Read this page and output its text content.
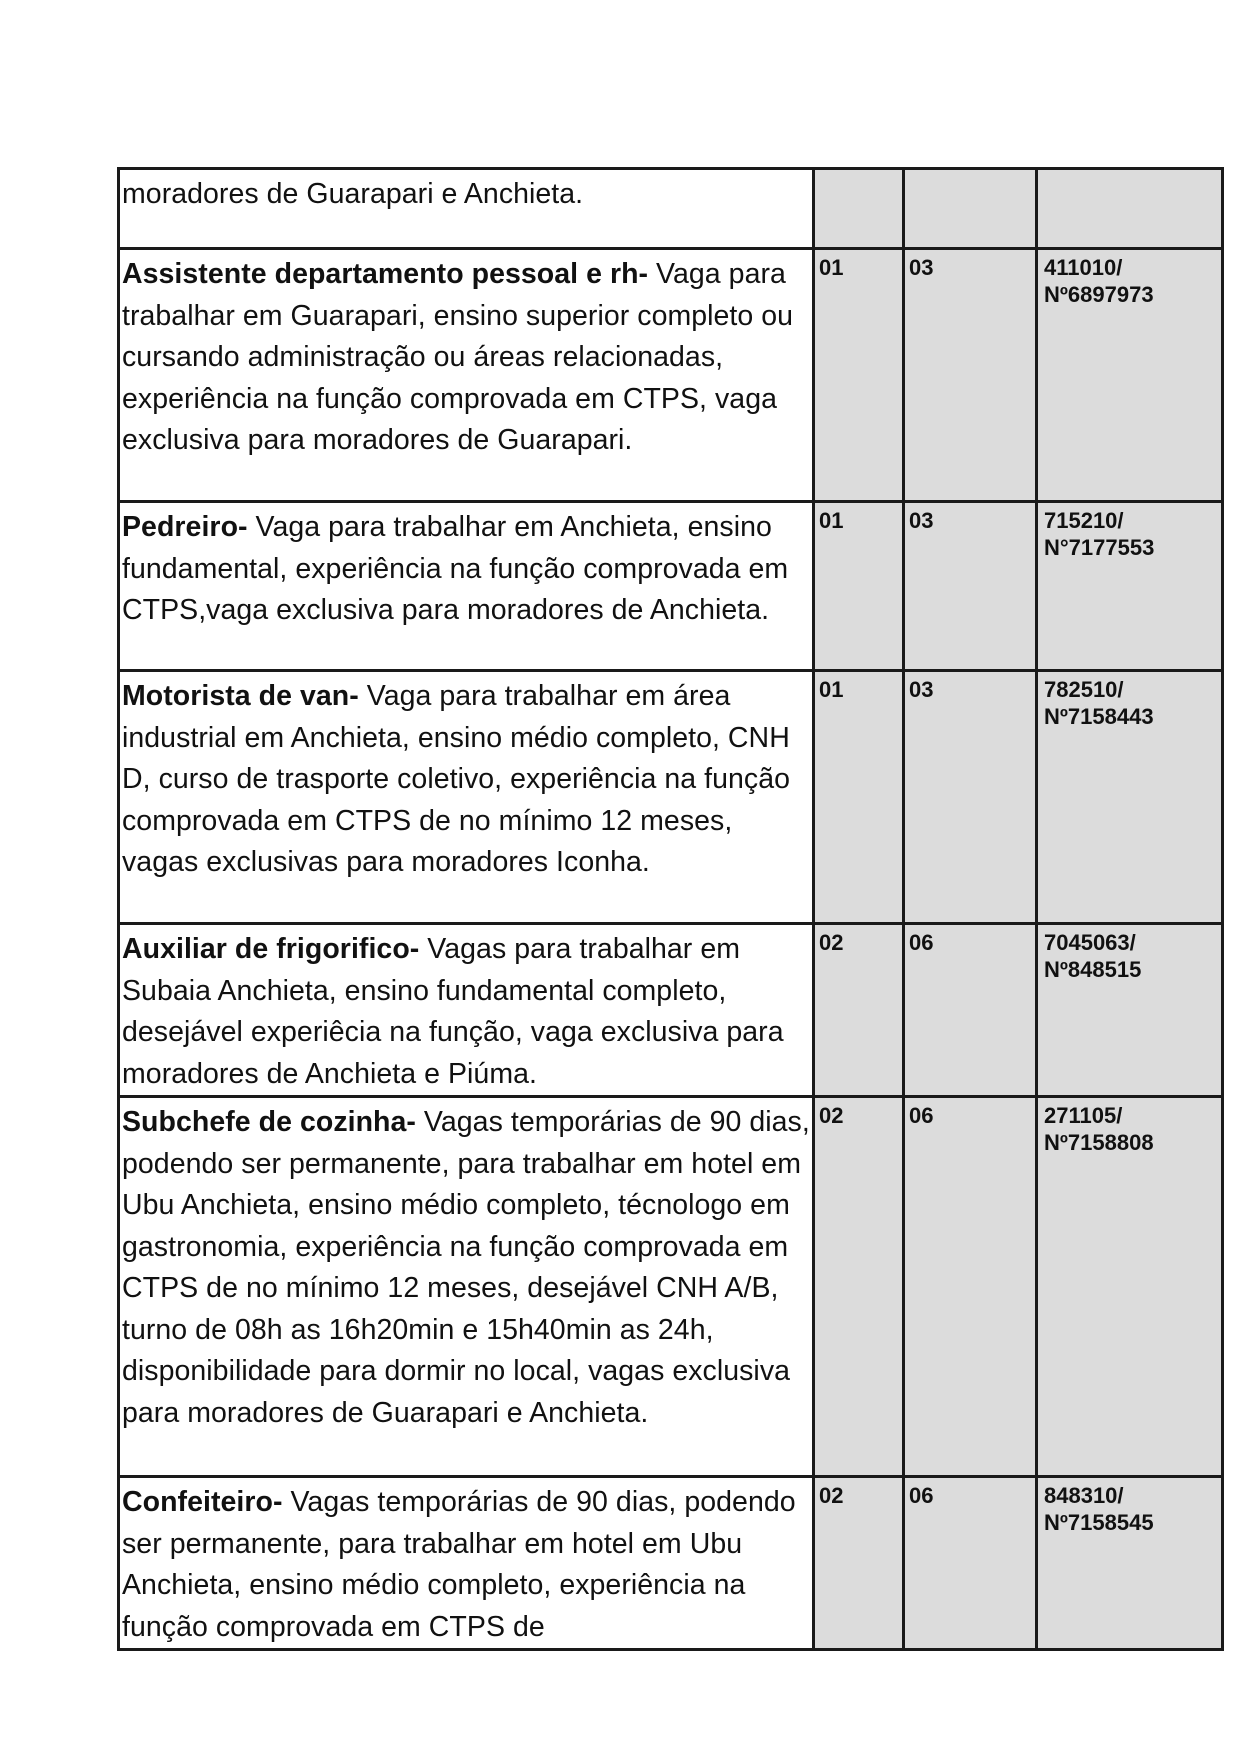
moradores de Guarapari e Anchieta.			

Assistente departamento pessoal e rh- Vaga para trabalhar em Guarapari, ensino superior completo ou cursando administração ou áreas relacionadas, experiência na função comprovada em CTPS, vaga exclusiva para moradores de Guarapari.	01	03	411010/
Nº6897973

Pedreiro- Vaga para trabalhar em Anchieta, ensino fundamental, experiência na função comprovada em CTPS,vaga exclusiva para moradores de Anchieta.	01	03	715210/
N°7177553

Motorista de van- Vaga para trabalhar em área industrial em Anchieta, ensino médio completo, CNH D, curso de trasporte coletivo, experiência na função comprovada em CTPS de no mínimo 12 meses, vagas exclusivas para moradores Iconha.	01	03	782510/
Nº7158443

Auxiliar de frigorifico- Vagas para trabalhar em Subaia Anchieta, ensino fundamental completo, desejável experiêcia na função, vaga exclusiva para moradores de Anchieta e Piúma.	02	06	7045063/
Nº848515

Subchefe de cozinha- Vagas temporárias de 90 dias, podendo ser permanente, para trabalhar em hotel em Ubu Anchieta, ensino médio completo, técnologo em gastronomia, experiência na função comprovada em CTPS de no mínimo 12 meses, desejável CNH A/B, turno de 08h as 16h20min e 15h40min as 24h, disponibilidade para dormir no local, vagas exclusiva para moradores de Guarapari e Anchieta.	02	06	271105/
Nº7158808

Confeiteiro- Vagas temporárias de 90 dias, podendo ser permanente, para trabalhar em hotel em Ubu Anchieta, ensino médio completo, experiência na função comprovada em CTPS de	02	06	848310/
Nº7158545
